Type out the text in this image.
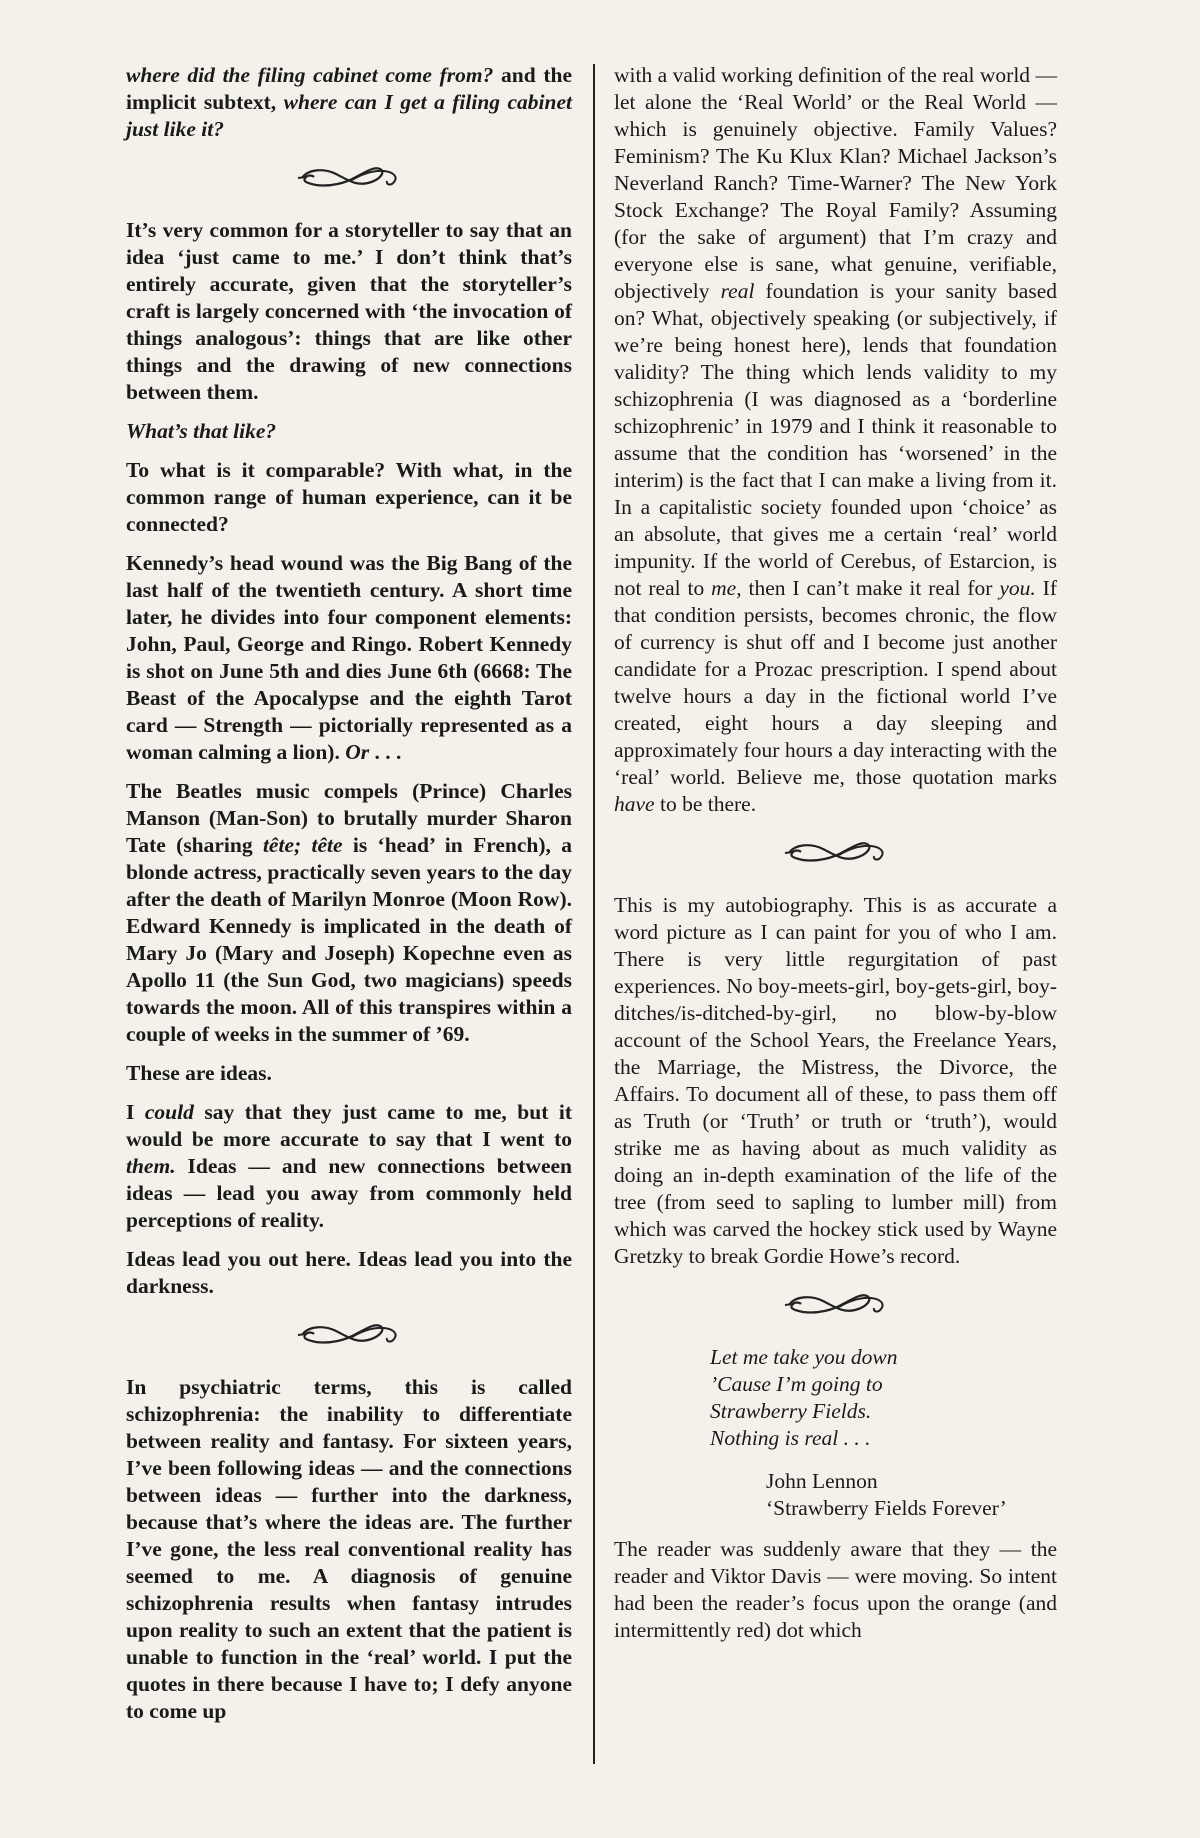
where did the filing cabinet come from? and the implicit subtext, where can I get a filing cabinet just like it?

It’s very common for a storyteller to say that an idea ‘just came to me.’ I don’t think that’s entirely accurate, given that the storyteller’s craft is largely concerned with ‘the invocation of things analogous’: things that are like other things and the drawing of new connections between them.

What’s that like?

To what is it comparable? With what, in the common range of human experience, can it be connected?

Kennedy’s head wound was the Big Bang of the last half of the twentieth century. A short time later, he divides into four component elements: John, Paul, George and Ringo. Robert Kennedy is shot on June 5th and dies June 6th (6668: The Beast of the Apocalypse and the eighth Tarot card — Strength — pictorially represented as a woman calming a lion). Or . . .

The Beatles music compels (Prince) Charles Manson (Man-Son) to brutally murder Sharon Tate (sharing tête; tête is ‘head’ in French), a blonde actress, practically seven years to the day after the death of Marilyn Monroe (Moon Row). Edward Kennedy is implicated in the death of Mary Jo (Mary and Joseph) Kopechne even as Apollo 11 (the Sun God, two magicians) speeds towards the moon. All of this transpires within a couple of weeks in the summer of ’69.

These are ideas.

I could say that they just came to me, but it would be more accurate to say that I went to them. Ideas — and new connections between ideas — lead you away from commonly held perceptions of reality.

Ideas lead you out here. Ideas lead you into the darkness.

In psychiatric terms, this is called schizophrenia: the inability to differentiate between reality and fantasy. For sixteen years, I’ve been following ideas — and the connections between ideas — further into the darkness, because that’s where the ideas are. The further I’ve gone, the less real conventional reality has seemed to me. A diagnosis of genuine schizophrenia results when fantasy intrudes upon reality to such an extent that the patient is unable to function in the ‘real’ world. I put the quotes in there because I have to; I defy anyone to come up

with a valid working definition of the real world — let alone the ‘Real World’ or the Real World — which is genuinely objective. Family Values? Feminism? The Ku Klux Klan? Michael Jackson’s Neverland Ranch? Time-Warner? The New York Stock Exchange? The Royal Family? Assuming (for the sake of argument) that I’m crazy and everyone else is sane, what genuine, verifiable, objectively real foundation is your sanity based on? What, objectively speaking (or subjectively, if we’re being honest here), lends that foundation validity? The thing which lends validity to my schizophrenia (I was diagnosed as a ‘borderline schizophrenic’ in 1979 and I think it reasonable to assume that the condition has ‘worsened’ in the interim) is the fact that I can make a living from it. In a capitalistic society founded upon ‘choice’ as an absolute, that gives me a certain ‘real’ world impunity. If the world of Cerebus, of Estarcion, is not real to me, then I can’t make it real for you. If that condition persists, becomes chronic, the flow of currency is shut off and I become just another candidate for a Prozac prescription. I spend about twelve hours a day in the fictional world I’ve created, eight hours a day sleeping and approximately four hours a day interacting with the ‘real’ world. Believe me, those quotation marks have to be there.

This is my autobiography. This is as accurate a word picture as I can paint for you of who I am. There is very little regurgitation of past experiences. No boy-meets-girl, boy-gets-girl, boy-ditches/is-ditched-by-girl, no blow-by-blow account of the School Years, the Freelance Years, the Marriage, the Mistress, the Divorce, the Affairs. To document all of these, to pass them off as Truth (or ‘Truth’ or truth or ‘truth’), would strike me as having about as much validity as doing an in-depth examination of the life of the tree (from seed to sapling to lumber mill) from which was carved the hockey stick used by Wayne Gretzky to break Gordie Howe’s record.

Let me take you down
’Cause I’m going to
Strawberry Fields.
Nothing is real . . .
John Lennon
‘Strawberry Fields Forever’

The reader was suddenly aware that they — the reader and Viktor Davis — were moving. So intent had been the reader’s focus upon the orange (and intermittently red) dot which
